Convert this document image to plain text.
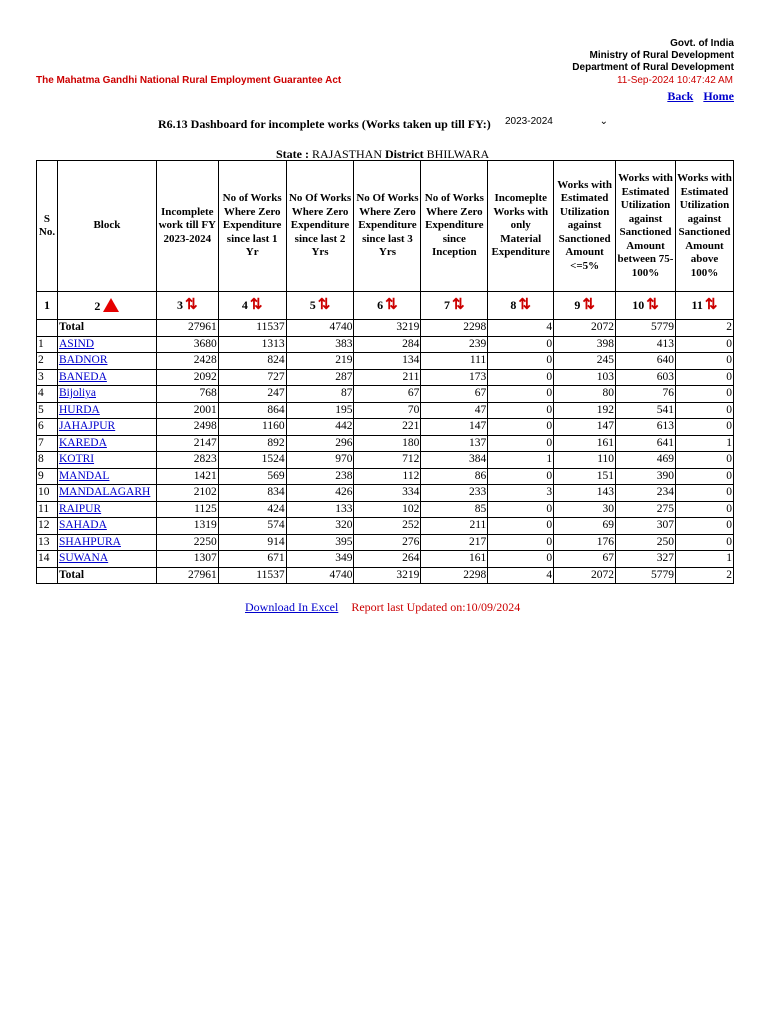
Govt. of India
Ministry of Rural Development
Department of Rural Development
The Mahatma Gandhi National Rural Employment Guarantee Act	11-Sep-2024 10:47:42 AM
Back Home
R6.13 Dashboard for incomplete works (Works taken up till FY:) 2023-2024	⌄
State : RAJASTHAN District BHILWARA
S No.	Block	Incomplete work till FY 2023-2024	No of Works Where Zero Expenditure since last 1 Yr	No Of Works Where Zero Expenditure since last 2 Yrs	No Of Works Where Zero Expenditure since last 3 Yrs	No of Works Where Zero Expenditure since Inception	Incomeplte Works with only Material Expenditure	Works with Estimated Utilization against Sanctioned Amount <=5%	Works with Estimated Utilization against Sanctioned Amount between 75-100%	Works with Estimated Utilization against Sanctioned Amount above 100%
1	2	3 ⇅	4 ⇅	5 ⇅	6 ⇅	7 ⇅	8 ⇅	9 ⇅	10 ⇅	11 ⇅
	Total	27961	11537	4740	3219	2298	4	2072	5779	2
1	ASIND	3680	1313	383	284	239	0	398	413	0
2	BADNOR	2428	824	219	134	111	0	245	640	0
3	BANEDA	2092	727	287	211	173	0	103	603	0
4	Bijoliya	768	247	87	67	67	0	80	76	0
5	HURDA	2001	864	195	70	47	0	192	541	0
6	JAHAJPUR	2498	1160	442	221	147	0	147	613	0
7	KAREDA	2147	892	296	180	137	0	161	641	1
8	KOTRI	2823	1524	970	712	384	1	110	469	0
9	MANDAL	1421	569	238	112	86	0	151	390	0
10	MANDALAGARH	2102	834	426	334	233	3	143	234	0
11	RAIPUR	1125	424	133	102	85	0	30	275	0
12	SAHADA	1319	574	320	252	211	0	69	307	0
13	SHAHPURA	2250	914	395	276	217	0	176	250	0
14	SUWANA	1307	671	349	264	161	0	67	327	1
	Total	27961	11537	4740	3219	2298	4	2072	5779	2
Download In Excel Report last Updated on:10/09/2024
